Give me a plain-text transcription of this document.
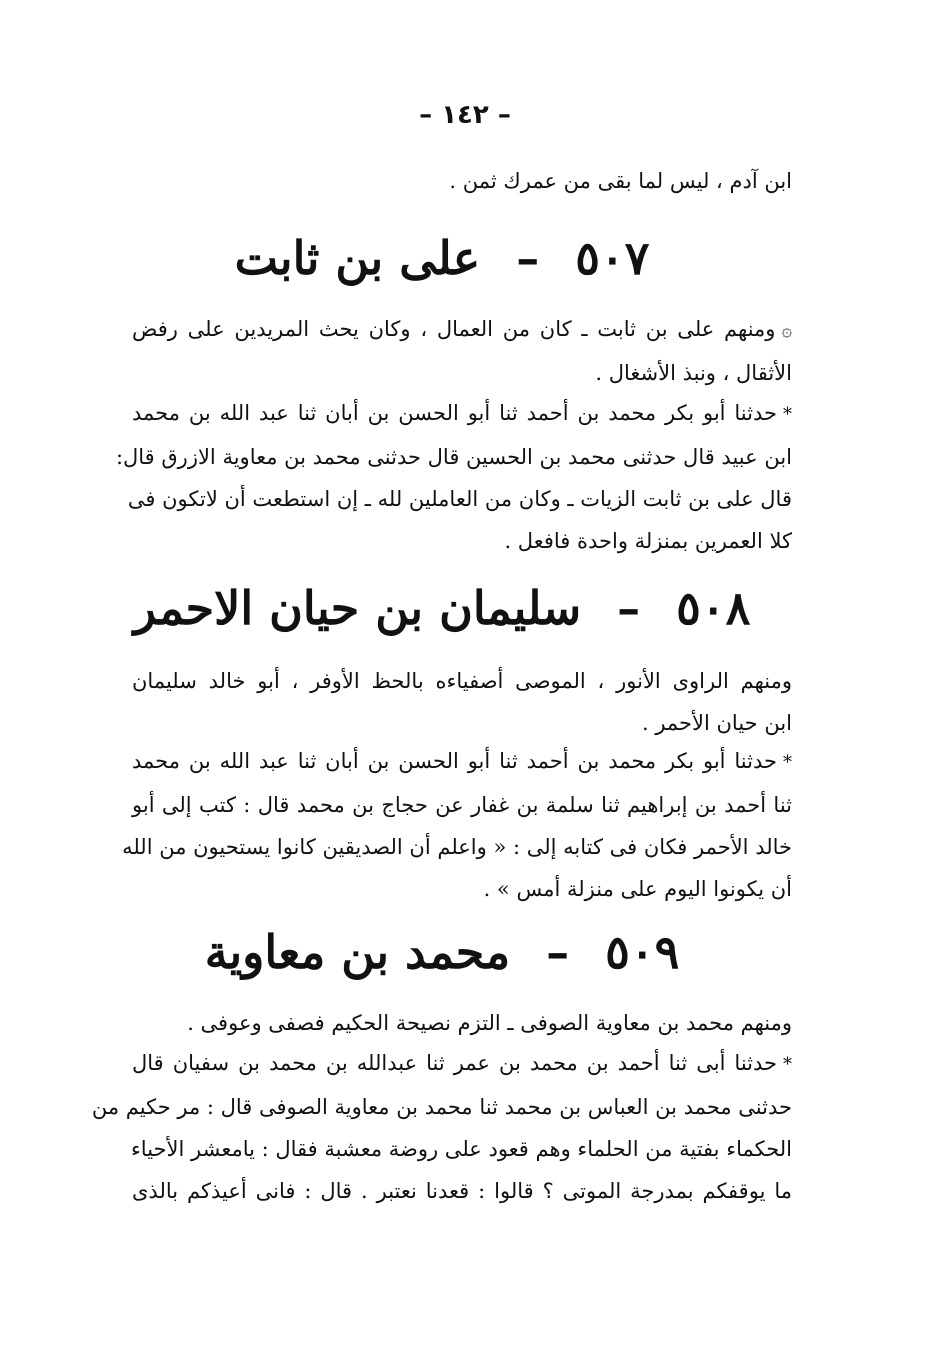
– ١٤٢ –
ابن آدم ، ليس لما بقى من عمرك ثمن .
٥٠٧ – على بن ثابت
۞ومنهم على بن ثابت ـ كان من العمال ، وكان يحث المريدين على رفض
الأثقال ، ونبذ الأشغال .
*حدثنا أبو بكر محمد بن أحمد ثنا أبو الحسن بن أبان ثنا عبد الله بن محمد
ابن عبيد قال حدثنى محمد بن الحسين قال حدثنى محمد بن معاوية الازرق قال:
قال على بن ثابت الزيات ـ وكان من العاملين لله ـ إن استطعت أن لاتكون فى
كلا العمرين بمنزلة واحدة فافعل .
٥٠٨ – سليمان بن حيان الاحمر
ومنهم الراوى الأنور ، الموصى أصفياءه بالحظ الأوفر ، أبو خالد سليمان
ابن حيان الأحمر .
*حدثنا أبو بكر محمد بن أحمد ثنا أبو الحسن بن أبان ثنا عبد الله بن محمد
ثنا أحمد بن إبراهيم ثنا سلمة بن غفار عن حجاج بن محمد قال : كتب إلى أبو
خالد الأحمر فكان فى كتابه إلى : « واعلم أن الصديقين كانوا يستحيون من الله
أن يكونوا اليوم على منزلة أمس » .
٥٠٩ – محمد بن معاوية
ومنهم محمد بن معاوية الصوفى ـ التزم نصيحة الحكيم فصفى وعوفى .
*حدثنا أبى ثنا أحمد بن محمد بن عمر ثنا عبدالله بن محمد بن سفيان قال
حدثنى محمد بن العباس بن محمد ثنا محمد بن معاوية الصوفى قال : مر حكيم من
الحكماء بفتية من الحلماء وهم قعود على روضة معشبة فقال : يامعشر الأحياء
ما يوقفكم بمدرجة الموتى ؟ قالوا : قعدنا نعتبر . قال : فانى أعيذكم بالذى
